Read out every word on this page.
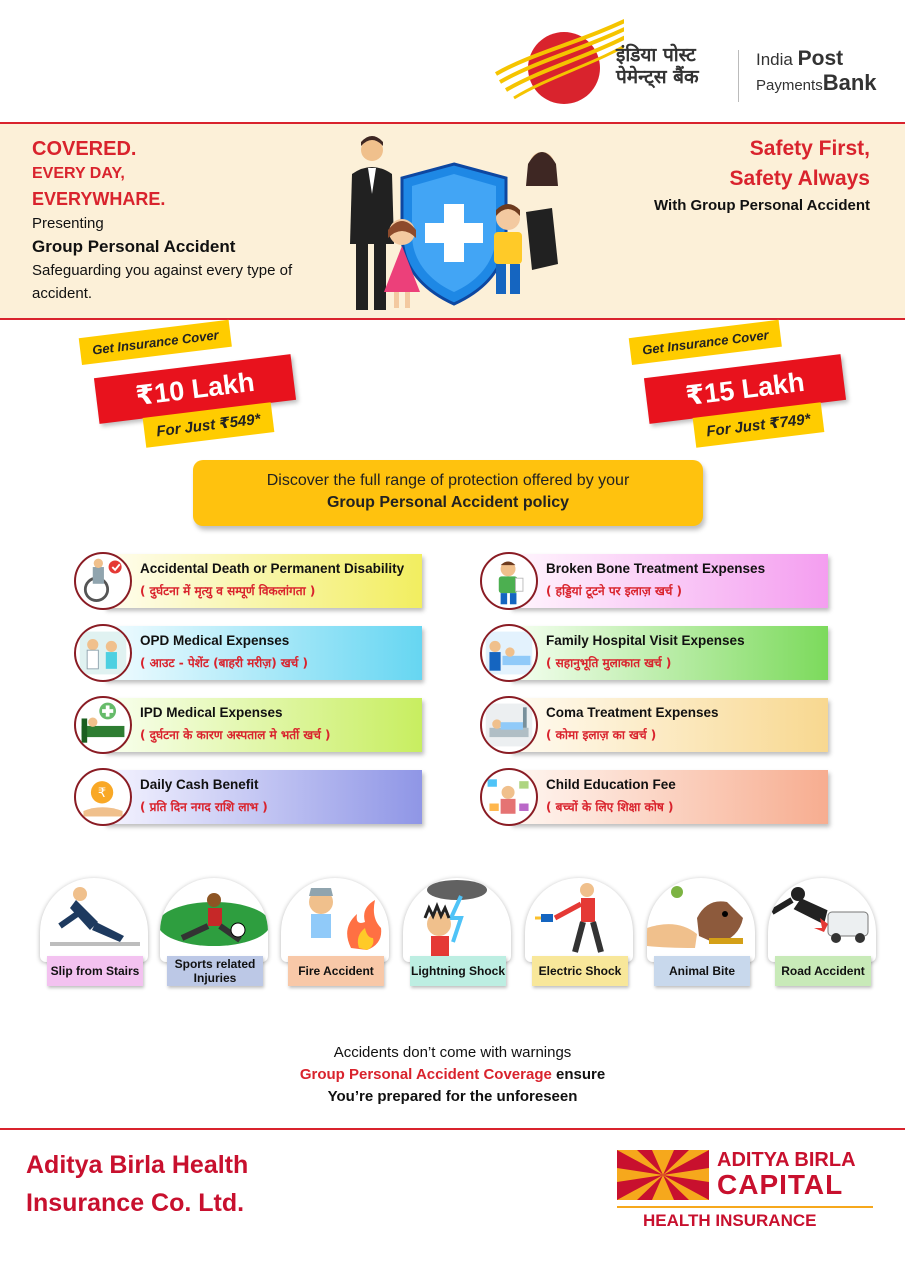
इंडिया पोस्ट
पेमेन्ट्स बैंक
India Post
PaymentsBank
COVERED.
EVERY DAY,
EVERYWHARE.
Presenting
Group Personal Accident
Safeguarding you against every type of accident.
Safety First,
Safety Always
With Group Personal Accident
Get Insurance Cover
₹10 Lakh
For Just ₹549*
Get Insurance Cover
₹15 Lakh
For Just ₹749*
Discover the full range of protection offered by your
Group Personal Accident policy
Accidental Death or Permanent Disability
( दुर्घटना में मृत्यु व सम्पूर्ण विकलांगता )
Broken Bone Treatment Expenses
( हड्डियां टूटने पर इलाज़ खर्च )
OPD Medical Expenses
( आउट - पेशेंट (बाहरी मरीज़) खर्च )
Family Hospital Visit Expenses
( सहानुभूति मुलाकात खर्च )
IPD Medical Expenses
( दुर्घटना के कारण अस्पताल मे भर्ती खर्च )
Coma Treatment Expenses
( कोमा इलाज़ का खर्च )
₹
Daily Cash Benefit
( प्रति दिन नगद राशि लाभ )
Child Education Fee
( बच्चों के लिए शिक्षा कोष )
Slip from Stairs	Sports related Injuries	Fire Accident	Lightning Shock	Electric Shock	Animal Bite	Road Accident
Accidents don’t come with warnings
Group Personal Accident Coverage ensure
You’re prepared for the unforeseen
Aditya Birla Health
Insurance Co. Ltd.
ADITYA BIRLA
CAPITAL
HEALTH INSURANCE
